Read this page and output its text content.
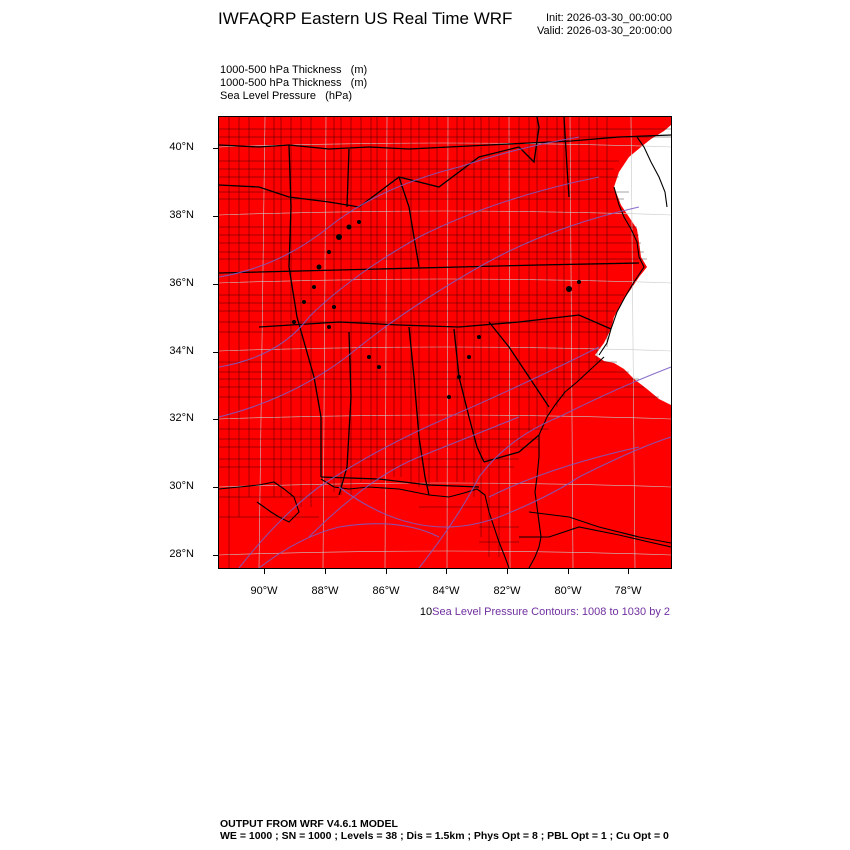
IWFAQRP Eastern US Real Time WRF	Init: 2026-03-30_00:00:00
Valid: 2026-03-30_20:00:00
1000-500 hPa Thickness   (m)
1000-500 hPa Thickness   (m)
Sea Level Pressure   (hPa)
40°N
38°N
36°N
34°N
32°N
30°N
28°N
90°W	88°W	86°W	84°W	82°W	80°W	78°W
10Sea Level Pressure Contours: 1008 to 1030 by 2
OUTPUT FROM WRF V4.6.1 MODEL
WE = 1000 ; SN = 1000 ; Levels = 38 ; Dis = 1.5km ; Phys Opt = 8 ; PBL Opt = 1 ; Cu Opt = 0
